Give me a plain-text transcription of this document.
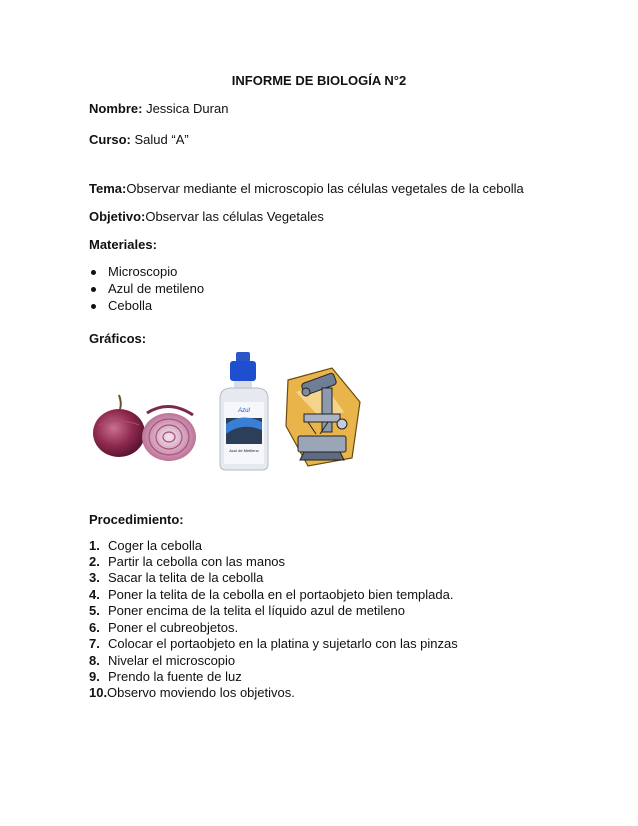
INFORME DE BIOLOGÍA N°2
Nombre: Jessica Duran
Curso: Salud “A”
Tema:Observar mediante el microscopio las células vegetales de la cebolla
Objetivo:Observar las células Vegetales
Materiales:
Microscopio
Azul de metileno
Cebolla
Gráficos:
Azul
Azul de Metileno
Procedimiento:
1. Coger la cebolla
2. Partir la cebolla con las manos
3. Sacar la telita de la cebolla
4. Poner la telita de la cebolla en el portaobjeto bien templada.
5. Poner encima de la telita el líquido azul de metileno
6. Poner el cubreobjetos.
7. Colocar el portaobjeto en la platina y sujetarlo con las pinzas
8. Nivelar el microscopio
9. Prendo la fuente de luz
10. Observo moviendo los objetivos.
